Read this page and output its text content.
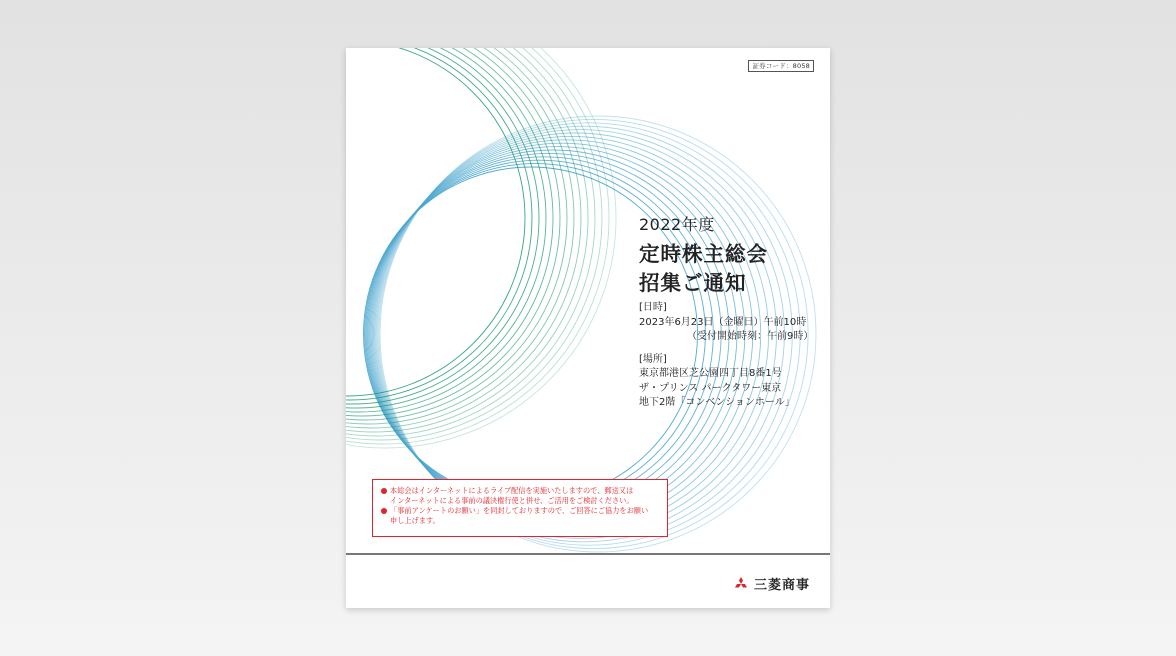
証券コード：8058
2022年度
定時株主総会
招集ご通知
[日時]
2023年6月23日（金曜日）午前10時
（受付開始時刻：午前9時）
[場所]
東京都港区芝公園四丁目8番1号
ザ・プリンス パークタワー東京
地下2階「コンベンションホール」
本総会はインターネットによるライブ配信を実施いたしますので、郵送又は
インターネットによる事前の議決権行使と併せ、ご活用をご検討ください。
「事前アンケートのお願い」を同封しておりますので、ご回答にご協力をお願い
申し上げます。
三菱商事
